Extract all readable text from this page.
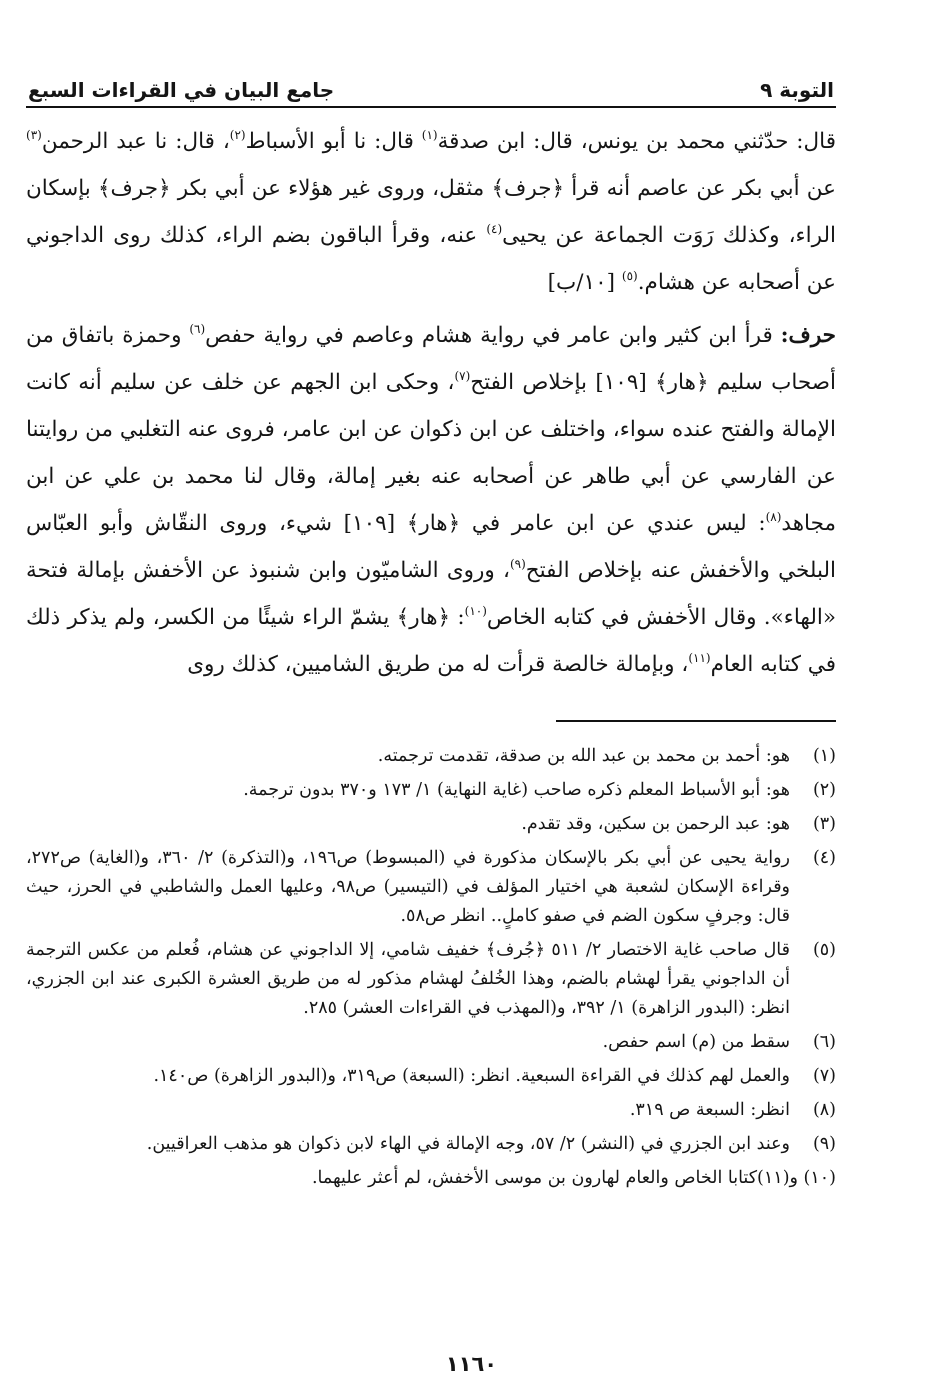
التوبة ٩
جامع البيان في القراءات السبع

قال: حدّثني محمد بن يونس، قال: ابن صدقة$^{(١)}$ قال: نا أبو الأسباط$^{(٢)}$، قال: نا عبد الرحمن$^{(٣)}$ عن أبي بكر عن عاصم أنه قرأ ﴿جرف﴾ مثقل، وروى غير هؤلاء عن أبي بكر ﴿جرف﴾ بإسكان الراء، وكذلك رَوَت الجماعة عن يحيى$^{(٤)}$ عنه، وقرأ الباقون بضم الراء، كذلك روى الداجوني عن أصحابه عن هشام.$^{(٥)}$ [١٠/ب]

حرف: قرأ ابن كثير وابن عامر في رواية هشام وعاصم في رواية حفص$^{(٦)}$ وحمزة باتفاق من أصحاب سليم ﴿هار﴾ [١٠٩] بإخلاص الفتح$^{(٧)}$، وحكى ابن الجهم عن خلف عن سليم أنه كانت الإمالة والفتح عنده سواء، واختلف عن ابن ذكوان عن ابن عامر، فروى عنه التغلبي من روايتنا عن الفارسي عن أبي طاهر عن أصحابه عنه بغير إمالة، وقال لنا محمد بن علي عن ابن مجاهد$^{(٨)}$: ليس عندي عن ابن عامر في ﴿هار﴾ [١٠٩] شيء، وروى النقّاش وأبو العبّاس البلخي والأخفش عنه بإخلاص الفتح$^{(٩)}$، وروى الشاميّون وابن شنبوذ عن الأخفش بإمالة فتحة «الهاء». وقال الأخفش في كتابه الخاص$^{(١٠)}$: ﴿هار﴾ يشمّ الراء شيئًا من الكسر، ولم يذكر ذلك في كتابه العام$^{(١١)}$، وبإمالة خالصة قرأت له من طريق الشاميين، كذلك روى

(١)
هو: أحمد بن محمد بن عبد الله بن صدقة، تقدمت ترجمته.
(٢)
هو: أبو الأسباط المعلم ذكره صاحب (غاية النهاية) ١/ ١٧٣ و٣٧٠ بدون ترجمة.
(٣)
هو: عبد الرحمن بن سكين، وقد تقدم.
(٤)
رواية يحيى عن أبي بكر بالإسكان مذكورة في (المبسوط) ص١٩٦، و(التذكرة) ٢/ ٣٦٠، و(الغاية) ص٢٧٢، وقراءة الإسكان لشعبة هي اختيار المؤلف في (التيسير) ص٩٨، وعليها العمل والشاطبي في الحرز، حيث قال: وجرفٍ سكون الضم في صفو كاملٍ.. انظر ص٥٨.
(٥)
قال صاحب غاية الاختصار ٢/ ٥١١ ﴿جُرف﴾ خفيف شامي، إلا الداجوني عن هشام، فُعلم من عكس الترجمة أن الداجوني يقرأ لهشام بالضم، وهذا الخُلفُ لهشام مذكور له من طريق العشرة الكبرى عند ابن الجزري، انظر: (البدور الزاهرة) ١/ ٣٩٢، و(المهذب في القراءات العشر) ٢٨٥.
(٦)
سقط من (م) اسم حفص.
(٧)
والعمل لهم كذلك في القراءة السبعية. انظر: (السبعة) ص٣١٩، و(البدور الزاهرة) ص١٤٠.
(٨)
انظر: السبعة ص ٣١٩.
(٩)
وعند ابن الجزري في (النشر) ٢/ ٥٧، وجه الإمالة في الهاء لابن ذكوان هو مذهب العراقيين.
(١٠) و(١١)
كتابا الخاص والعام لهارون بن موسى الأخفش، لم أعثر عليهما.
١١٦٠
